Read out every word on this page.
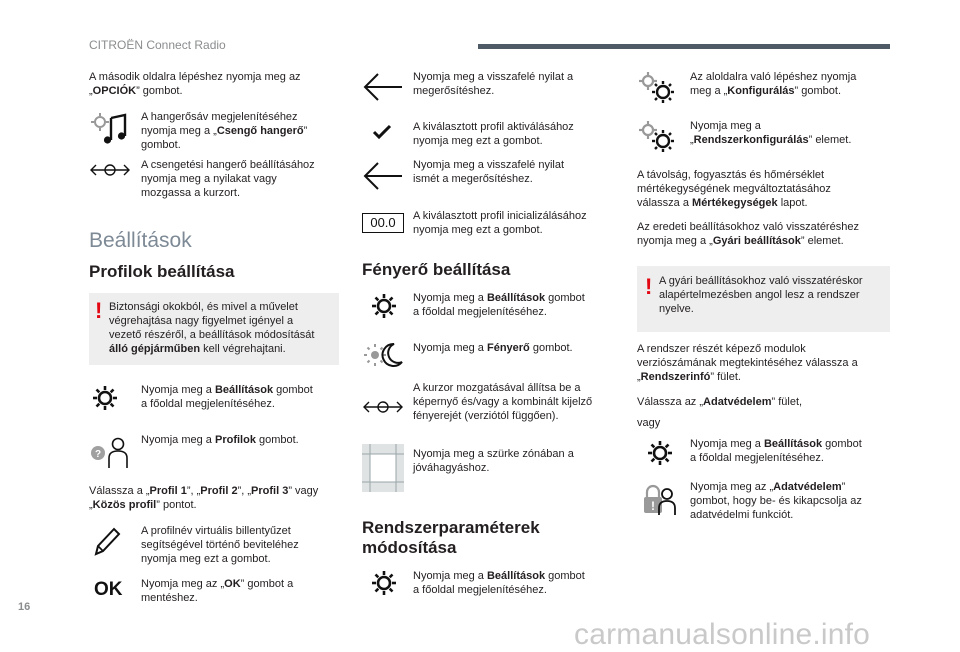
CITROËN Connect Radio
A második oldalra lépéshez nyomja meg az
„OPCIÓK” gombot.
A hangerősáv megjelenítéséhez
nyomja meg a „Csengő hangerő”
gombot.
A csengetési hangerő beállításához
nyomja meg a nyilakat vagy
mozgassa a kurzort.
Beállítások
Profilok beállítása
! Biztonsági okokból, és mivel a művelet
végrehajtása nagy figyelmet igényel a
vezető részéről, a beállítások módosítását
álló gépjárműben kell végrehajtani.
Nyomja meg a Beállítások gombot
a főoldal megjelenítéséhez.
?
Nyomja meg a Profilok gombot.
Válassza a „Profil 1”, „Profil 2”, „Profil 3” vagy
„Közös profil” pontot.
A profilnév virtuális billentyűzet
segítségével történő beviteléhez
nyomja meg ezt a gombot.
OK Nyomja meg az „OK” gombot a
mentéshez.
Nyomja meg a visszafelé nyilat a
megerősítéshez.
A kiválasztott profil aktiválásához
nyomja meg ezt a gombot.
Nyomja meg a visszafelé nyilat
ismét a megerősítéshez.
00.0	A kiválasztott profil inicializálásához
nyomja meg ezt a gombot.
Fényerő beállítása
Nyomja meg a Beállítások gombot
a főoldal megjelenítéséhez.
Nyomja meg a Fényerő gombot.
A kurzor mozgatásával állítsa be a
képernyő és/vagy a kombinált kijelző
fényerejét (verziótól függően).
Nyomja meg a szürke zónában a
jóváhagyáshoz.
Rendszerparaméterek
módosítása
Nyomja meg a Beállítások gombot
a főoldal megjelenítéséhez.
Az aloldalra való lépéshez nyomja
meg a „Konfigurálás” gombot.
Nyomja meg a
„Rendszerkonfigurálás” elemet.
A távolság, fogyasztás és hőmérséklet
mértékegységének megváltoztatásához
válassza a Mértékegységek lapot.
Az eredeti beállításokhoz való visszatéréshez
nyomja meg a „Gyári beállítások” elemet.
! A gyári beállításokhoz való visszatéréskor
alapértelmezésben angol lesz a rendszer
nyelve.
A rendszer részét képező modulok
verziószámának megtekintéséhez válassza a
„Rendszerinfó” fület.
Válassza az „Adatvédelem” fület,
vagy
Nyomja meg a Beállítások gombot
a főoldal megjelenítéséhez.
!
Nyomja meg az „Adatvédelem”
gombot, hogy be- és kikapcsolja az
adatvédelmi funkciót.
16
carmanualsonline.info
